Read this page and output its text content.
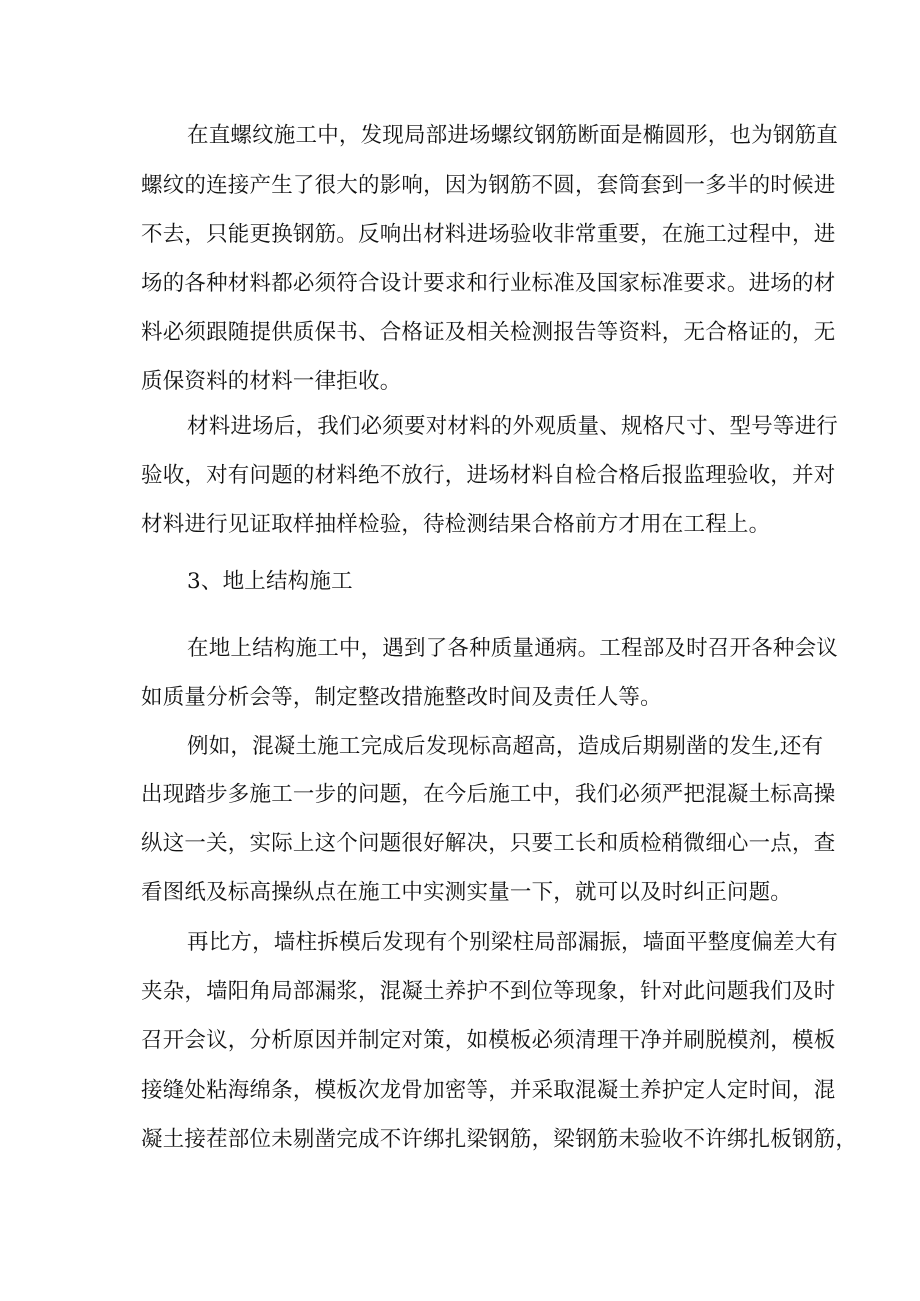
在直螺纹施工中，发现局部进场螺纹钢筋断面是椭圆形，也为钢筋直
螺纹的连接产生了很大的影响，因为钢筋不圆，套筒套到一多半的时候进
不去，只能更换钢筋。反响出材料进场验收非常重要，在施工过程中，进
场的各种材料都必须符合设计要求和行业标准及国家标准要求。进场的材
料必须跟随提供质保书、合格证及相关检测报告等资料，无合格证的，无
质保资料的材料一律拒收。
材料进场后，我们必须要对材料的外观质量、规格尺寸、型号等进行
验收，对有问题的材料绝不放行，进场材料自检合格后报监理验收，并对
材料进行见证取样抽样检验，待检测结果合格前方才用在工程上。
3、地上结构施工
在地上结构施工中，遇到了各种质量通病。工程部及时召开各种会议
如质量分析会等，制定整改措施整改时间及责任人等。
例如，混凝土施工完成后发现标高超高，造成后期剔凿的发生,还有
出现踏步多施工一步的问题，在今后施工中，我们必须严把混凝土标高操
纵这一关，实际上这个问题很好解决，只要工长和质检稍微细心一点，查
看图纸及标高操纵点在施工中实测实量一下，就可以及时纠正问题。
再比方，墙柱拆模后发现有个别梁柱局部漏振，墙面平整度偏差大有
夹杂，墙阳角局部漏浆，混凝土养护不到位等现象，针对此问题我们及时
召开会议，分析原因并制定对策，如模板必须清理干净并刷脱模剂，模板
接缝处粘海绵条，模板次龙骨加密等，并采取混凝土养护定人定时间，混
凝土接茬部位未剔凿完成不许绑扎梁钢筋，梁钢筋未验收不许绑扎板钢筋，
